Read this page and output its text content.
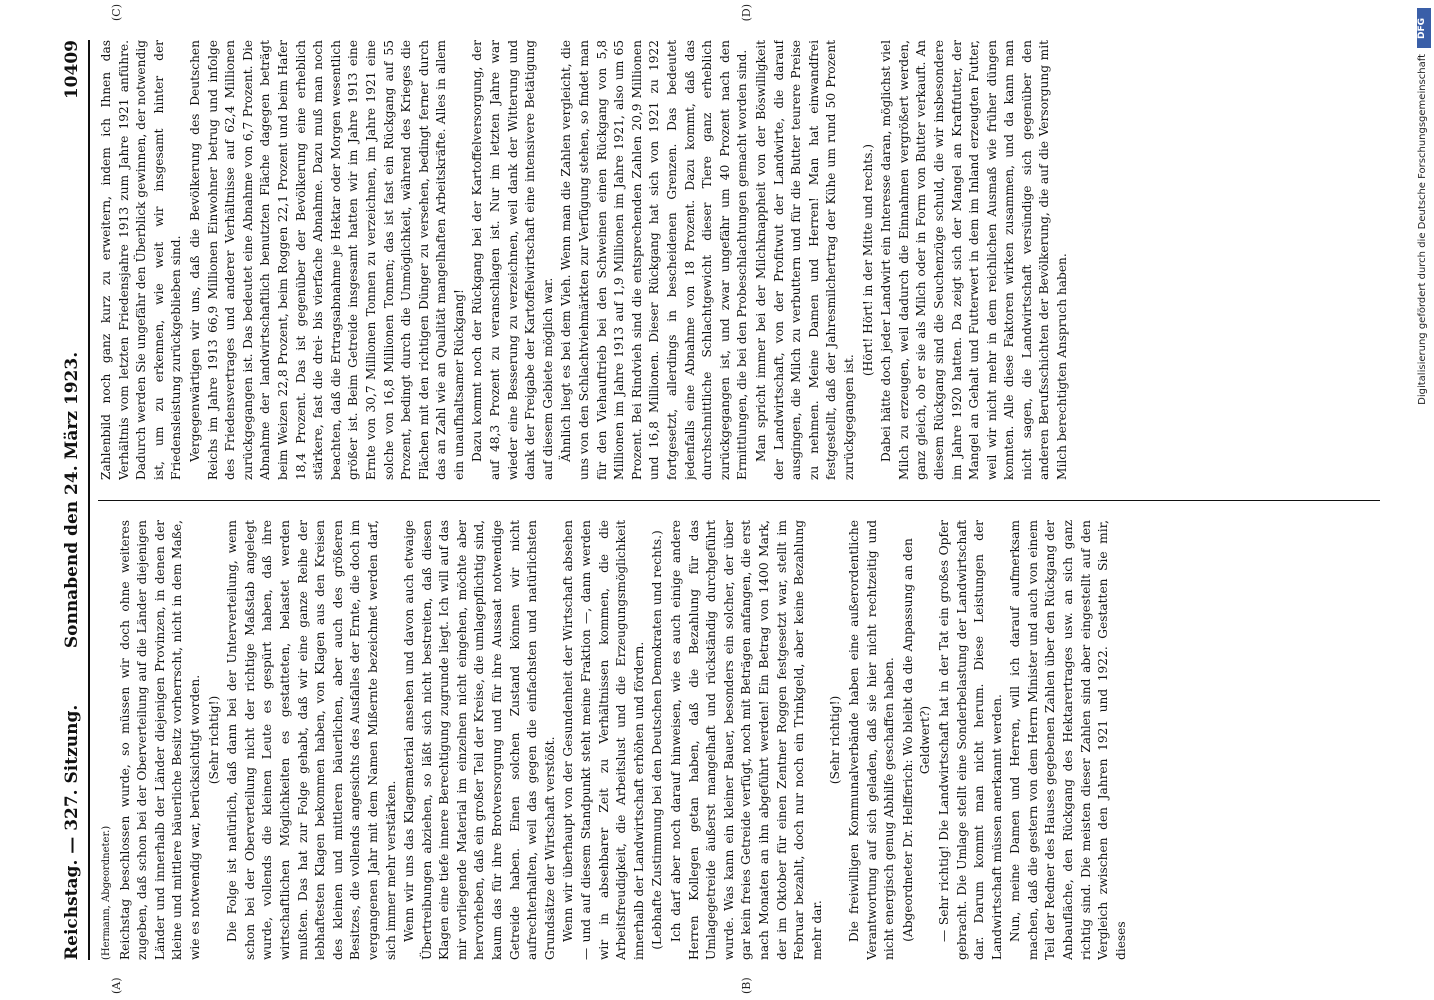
Reichstag. — 327. Sitzung.
Sonnabend den 24. März 1923.
10409
(A)	(B)
(C)	(D)

(Hermann, Abgeordneter.) Reichstag beschlossen wurde, so müssen wir doch ohne weiteres zugeben, daß schon bei der Oberverteilung auf die Länder diejenigen Länder und innerhalb der Länder diejenigen Provinzen, in denen der kleine und mittlere bäuerliche Besitz vorherrscht, nicht in dem Maße, wie es notwendig war, berücksichtigt worden. (Sehr richtig!) Die Folge ist natürlich, daß dann bei der Unterverteilung, wenn schon bei der Oberverteilung nicht der richtige Maßstab angelegt wurde, vollends die kleinen Leute es gespürt haben, daß ihre wirtschaftlichen Möglichkeiten es gestatteten, belastet werden mußten. Das hat zur Folge gehabt, daß wir eine ganze Reihe der lebhaftesten Klagen bekommen haben, von Klagen aus den Kreisen des kleinen und mittleren bäuerlichen, aber auch des größeren Besitzes, die vollends angesichts des Ausfalles der Ernte, die doch im vergangenen Jahr mit dem Namen Mißernte bezeichnet werden darf, sich immer mehr verstärken. Wenn wir uns das Klagematerial ansehen und davon auch etwaige Übertreibungen abziehen, so läßt sich nicht bestreiten, daß diesen Klagen eine tiefe innere Berechtigung zugrunde liegt. Ich will auf das mir vorliegende Material im einzelnen nicht eingehen, möchte aber hervorheben, daß ein großer Teil der Kreise, die umlagepflichtig sind, kaum das für ihre Brotversorgung und für ihre Aussaat notwendige Getreide haben. Einen solchen Zustand können wir nicht aufrechterhalten, weil das gegen die einfachsten und natürlichsten Grundsätze der Wirtschaft verstößt. Wenn wir überhaupt von der Gesundenheit der Wirtschaft absehen — und auf diesem Standpunkt steht meine Fraktion —, dann werden wir in absehbarer Zeit zu Verhältnissen kommen, die die Arbeitsfreudigkeit, die Arbeitslust und die Erzeugungsmöglichkeit innerhalb der Landwirtschaft erhöhen und fördern. (Lebhafte Zustimmung bei den Deutschen Demokraten und rechts.) Ich darf aber noch darauf hinweisen, wie es auch einige andere Herren Kollegen getan haben, daß die Bezahlung für das Umlagegetreide äußerst mangelhaft und rückständig durchgeführt wurde. Was kann ein kleiner Bauer, besonders ein solcher, der über gar kein freies Getreide verfügt, noch mit Beträgen anfangen, die erst nach Monaten an ihn abgeführt werden! Ein Betrag von 1400 Mark, der im Oktober für einen Zentner Roggen festgesetzt war, stellt im Februar bezahlt, doch nur noch ein Trinkgeld, aber keine Bezahlung mehr dar.

(Sehr richtig!) Die freiwilligen Kommunalverbände haben eine außerordentliche Verantwortung auf sich geladen, daß sie hier nicht rechtzeitig und nicht energisch genug Abhilfe geschaffen haben. (Abgeordneter Dr. Helfferich: Wo bleibt da die Anpassung an den Geldwert?) — Sehr richtig! Die Landwirtschaft hat in der Tat ein großes Opfer gebracht. Die Umlage stellt eine Sonderbelastung der Landwirtschaft dar. Darum kommt man nicht herum. Diese Leistungen der Landwirtschaft müssen anerkannt werden. Nun, meine Damen und Herren, will ich darauf aufmerksam machen, daß die gestern von dem Herrn Minister und auch von einem Teil der Redner des Hauses gegebenen Zahlen über den Rückgang der Anbaufläche, den Rückgang des Hektarertrages usw. an sich ganz richtig sind. Die meisten dieser Zahlen sind aber eingestellt auf den Vergleich zwischen den Jahren 1921 und 1922. Gestatten Sie mir, dieses

Zahlenbild noch ganz kurz zu erweitern, indem ich Ihnen das Verhältnis vom letzten Friedensjahre 1913 zum Jahre 1921 anführe. Dadurch werden Sie ungefähr den Überblick gewinnen, der notwendig ist, um zu erkennen, wie weit wir insgesamt hinter der Friedensleistung zurückgeblieben sind. Vergegenwärtigen wir uns, daß die Bevölkerung des Deutschen Reichs im Jahre 1913 66,9 Millionen Einwohner betrug und infolge des Friedensvertrages und anderer Verhältnisse auf 62,4 Millionen zurückgegangen ist. Das bedeutet eine Abnahme von 6,7 Prozent. Die Abnahme der landwirtschaftlich benutzten Fläche dagegen beträgt beim Weizen 22,8 Prozent, beim Roggen 22,1 Prozent und beim Hafer 18,4 Prozent. Das ist gegenüber der Bevölkerung eine erheblich stärkere, fast die drei- bis vierfache Abnahme. Dazu muß man noch beachten, daß die Ertragsabnahme je Hektar oder Morgen wesentlich größer ist. Beim Getreide insgesamt hatten wir im Jahre 1913 eine Ernte von 30,7 Millionen Tonnen zu verzeichnen, im Jahre 1921 eine solche von 16,8 Millionen Tonnen; das ist fast ein Rückgang auf 55 Prozent, bedingt durch die Unmöglichkeit, während des Krieges die Flächen mit den richtigen Dünger zu versehen, bedingt ferner durch das an Zahl wie an Qualität mangelhaften Arbeitskräfte. Alles in allem ein unaufhaltsamer Rückgang! Dazu kommt noch der Rückgang bei der Kartoffelversorgung, der auf 48,3 Prozent zu veranschlagen ist. Nur im letzten Jahre war wieder eine Besserung zu verzeichnen, weil dank der Witterung und dank der Freigabe der Kartoffelwirtschaft eine intensivere Betätigung auf diesem Gebiete möglich war. Ähnlich liegt es bei dem Vieh. Wenn man die Zahlen vergleicht, die uns von den Schlachtviehmärkten zur Verfügung stehen, so findet man für den Viehauftrieb bei den Schweinen einen Rückgang von 5,8 Millionen im Jahre 1913 auf 1,9 Millionen im Jahre 1921, also um 65 Prozent. Bei Rindvieh sind die entsprechenden Zahlen 20,9 Millionen und 16,8 Millionen. Dieser Rückgang hat sich von 1921 zu 1922 fortgesetzt, allerdings in bescheidenen Grenzen. Das bedeutet jedenfalls eine Abnahme von 18 Prozent. Dazu kommt, daß das durchschnittliche Schlachtgewicht dieser Tiere ganz erheblich zurückgegangen ist, und zwar ungefähr um 40 Prozent nach den Ermittlungen, die bei den Probeschlachtungen gemacht worden sind. Man spricht immer bei der Milchknappheit von der Böswilligkeit der Landwirtschaft, von der Profitwut der Landwirte, die darauf ausgingen, die Milch zu verbuttern und für die Butter teurere Preise zu nehmen. Meine Damen und Herren! Man hat einwandfrei festgestellt, daß der Jahresmilchertrag der Kühe um rund 50 Prozent zurückgegangen ist.

(Hört! Hört! in der Mitte und rechts.) Dabei hätte doch jeder Landwirt ein Interesse daran, möglichst viel Milch zu erzeugen, weil dadurch die Einnahmen vergrößert werden, ganz gleich, ob er sie als Milch oder in Form von Butter verkauft. An diesem Rückgang sind die Seuchenzüge schuld, die wir insbesondere im Jahre 1920 hatten. Da zeigt sich der Mangel an Kraftfutter, der Mangel an Gehalt und Futterwert in dem im Inland erzeugten Futter, weil wir nicht mehr in dem reichlichen Ausmaß wie früher düngen konnten. Alle diese Faktoren wirken zusammen, und da kann man nicht sagen, die Landwirtschaft versündige sich gegenüber den anderen Berufsschichten der Bevölkerung, die auf die Versorgung mit Milch berechtigten Anspruch haben.

DFG
Digitalisierung gefördert durch die Deutsche Forschungsgemeinschaft
